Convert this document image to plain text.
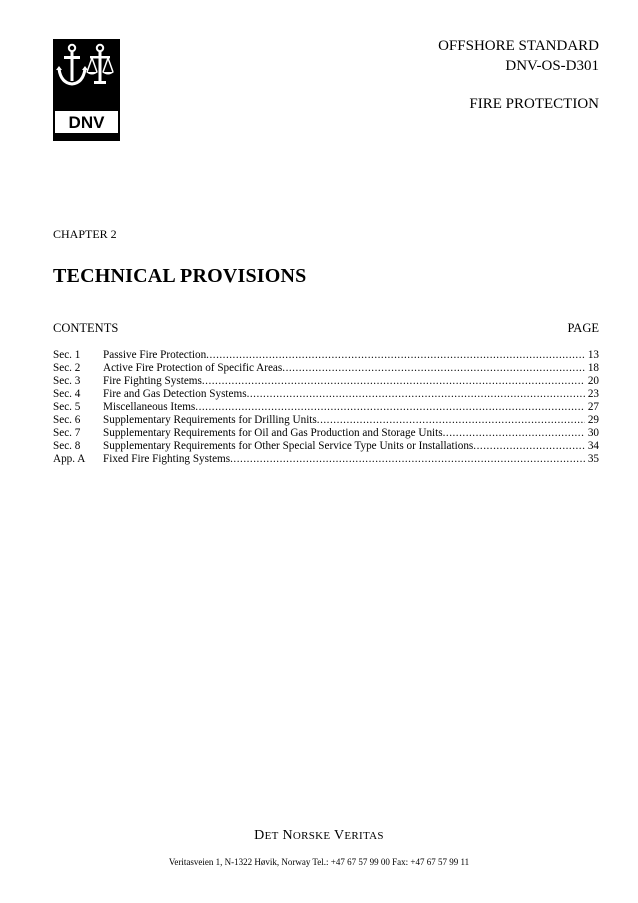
DNV
OFFSHORE STANDARD
DNV-OS-D301
FIRE PROTECTION
CHAPTER 2
TECHNICAL PROVISIONS
CONTENTS	PAGE
Sec. 1	Passive Fire Protection .....	13
Sec. 2	Active Fire Protection of Specific Areas .....	18
Sec. 3	Fire Fighting Systems .....	20
Sec. 4	Fire and Gas Detection Systems .....	23
Sec. 5	Miscellaneous Items .....	27
Sec. 6	Supplementary Requirements for Drilling Units .....	29
Sec. 7	Supplementary Requirements for Oil and Gas Production and Storage Units .....	30
Sec. 8	Supplementary Requirements for Other Special Service Type Units or Installations .....	34
App. A	Fixed Fire Fighting Systems .....	35
DET NORSKE VERITAS
Veritasveien 1, N-1322 Høvik, Norway Tel.: +47 67 57 99 00 Fax: +47 67 57 99 11
